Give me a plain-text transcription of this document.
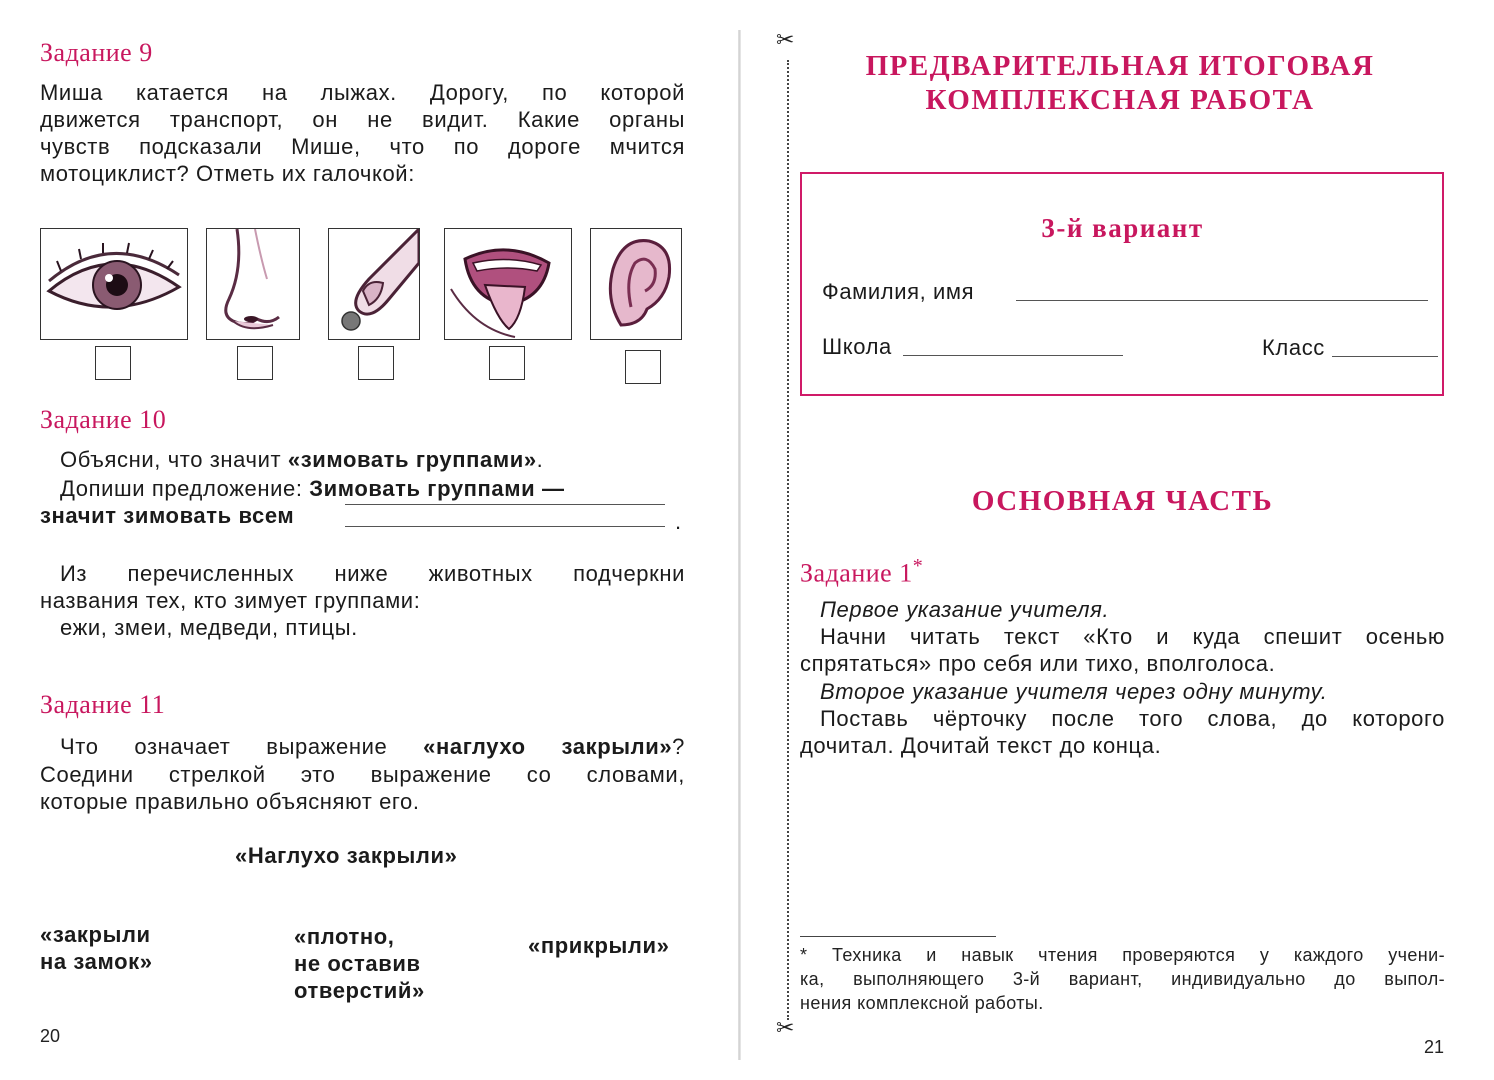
✂
✂
Задание 9
Миша катается на лыжах. Дорогу, по которой
движется транспорт, он не видит. Какие органы
чувств подсказали Мише, что по дороге мчится
мотоциклист? Отметь их галочкой:
Задание 10
Объясни, что значит «зимовать группами».
Допиши предложение: Зимовать группами —
значит зимовать всем	.
Из перечисленных ниже животных подчеркни
названия тех, кто зимует группами:
ежи, змеи, медведи, птицы.
Задание 11
Что означает выражение «наглухо закрыли»?
Соедини стрелкой это выражение со словами,
которые правильно объясняют его.
«Наглухо закрыли»
«закрыли
на замок»
«плотно,
не оставив
отверстий»
«прикрыли»
20
ПРЕДВАРИТЕЛЬНАЯ ИТОГОВАЯ
КОМПЛЕКСНАЯ РАБОТА
3-й вариант
Фамилия, имя
Школа	Класс
ОСНОВНАЯ ЧАСТЬ
Задание 1*
Первое указание учителя.
Начни читать текст «Кто и куда спешит осенью
спрятаться» про себя или тихо, вполголоса.
Второе указание учителя через одну минуту.
Поставь чёрточку после того слова, до которого
дочитал. Дочитай текст до конца.
* Техника и навык чтения проверяются у каждого учени-
ка, выполняющего 3-й вариант, индивидуально до выпол-
нения комплексной работы.
21
